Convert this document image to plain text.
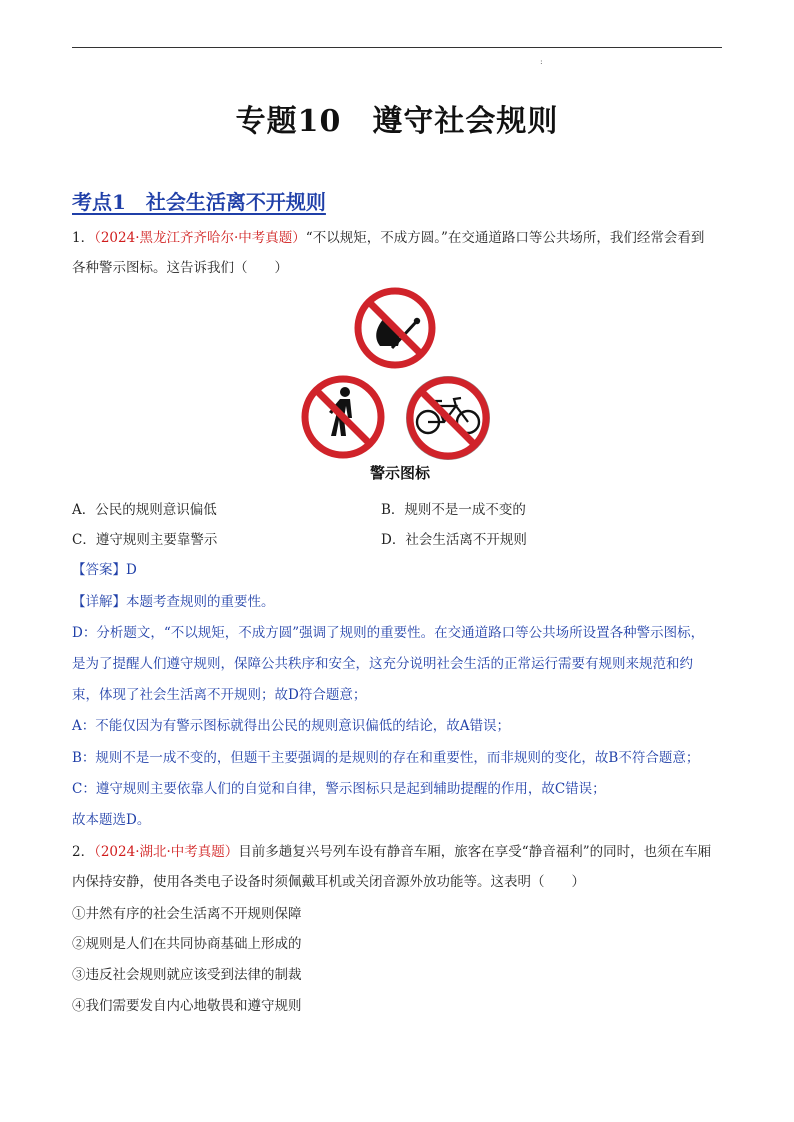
:
专题10　遵守社会规则
考点1　社会生活离不开规则
1．（2024·黑龙江齐齐哈尔·中考真题）“不以规矩，不成方圆。”在交通道路口等公共场所，我们经常会看到
各种警示图标。这告诉我们（　　）
警示图标
A．公民的规则意识偏低	B．规则不是一成不变的
C．遵守规则主要靠警示	D．社会生活离不开规则
【答案】D
【详解】本题考查规则的重要性。
D：分析题文，“不以规矩，不成方圆”强调了规则的重要性。在交通道路口等公共场所设置各种警示图标，
是为了提醒人们遵守规则，保障公共秩序和安全，这充分说明社会生活的正常运行需要有规则来规范和约
束，体现了社会生活离不开规则；故D符合题意；
A：不能仅因为有警示图标就得出公民的规则意识偏低的结论，故A错误；
B：规则不是一成不变的，但题干主要强调的是规则的存在和重要性，而非规则的变化，故B不符合题意；
C：遵守规则主要依靠人们的自觉和自律，警示图标只是起到辅助提醒的作用，故C错误；
故本题选D。
2．（2024·湖北·中考真题）目前多趟复兴号列车设有静音车厢，旅客在享受“静音福利”的同时，也须在车厢
内保持安静，使用各类电子设备时须佩戴耳机或关闭音源外放功能等。这表明（　　）
①井然有序的社会生活离不开规则保障
②规则是人们在共同协商基础上形成的
③违反社会规则就应该受到法律的制裁
④我们需要发自内心地敬畏和遵守规则
